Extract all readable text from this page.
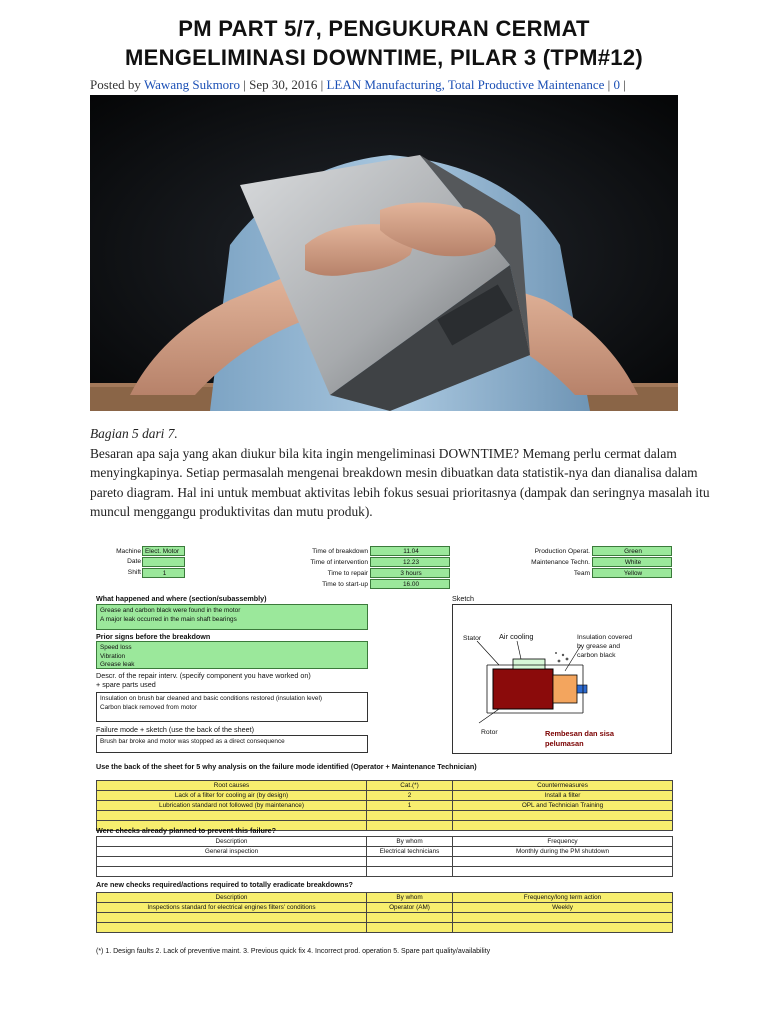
PM PART 5/7, PENGUKURAN CERMAT
MENGELIMINASI DOWNTIME, PILAR 3 (TPM#12)
Posted by Wawang Sukmoro | Sep 30, 2016 | LEAN Manufacturing, Total Productive Maintenance | 0 |
Bagian 5 dari 7.
Besaran apa saja yang akan diukur bila kita ingin mengeliminasi DOWNTIME? Memang perlu cermat dalam menyingkapinya. Setiap permasalah mengenai breakdown mesin dibuatkan data statistik-nya dan dianalisa dalam pareto diagram. Hal ini untuk membuat aktivitas lebih fokus sesuai prioritasnya (dampak dan seringnya masalah itu muncul menggangu produktivitas dan mutu produk).
Machine Elect. Motor
Date
Shift	1
Time of breakdown	11.04
Time of intervention	12.23
Time to repair	3 hours
Time to start-up	16.00
Production Operat.	Green
Maintenance Techn.	White
Team	Yellow
What happened and where (section/subassembly)
Grease and carbon black were found in the motor
A major leak occurred in the main shaft bearings
Prior signs before the breakdown
Speed loss
Vibration
Grease leak
Descr. of the repair interv. (specify component you have worked on)
+ spare parts used
Insulation on brush bar cleaned and basic conditions restored (insulation level)
Carbon black removed from motor
Failure mode + sketch (use the back of the sheet)
Brush bar broke and motor was stopped as a direct consequence
Sketch
Stator Air cooling	Insulation covered
by grease and
carbon black
Rotor	Rembesan dan sisa
pelumasan
Use the back of the sheet for 5 why analysis on the failure mode identified (Operator + Maintenance Technician)
Root causes	Cat.(*)	Countermeasures
Lack of a filter for cooling air (by design)	2	Install a filter
Lubrication standard not followed (by maintenance)	1	OPL and Technician Training

Were checks already planned to prevent this failure?
Description	By whom	Frequency
General inspection	Electrical technicians	Monthly during the PM shutdown

Are new checks required/actions required to totally eradicate breakdowns?
Description	By whom	Frequency/long term action
Inspections standard for electrical engines filters' conditions	Operator (AM)	Weekly

(*) 1. Design faults 2. Lack of preventive maint. 3. Previous quick fix 4. Incorrect prod. operation 5. Spare part quality/availability
